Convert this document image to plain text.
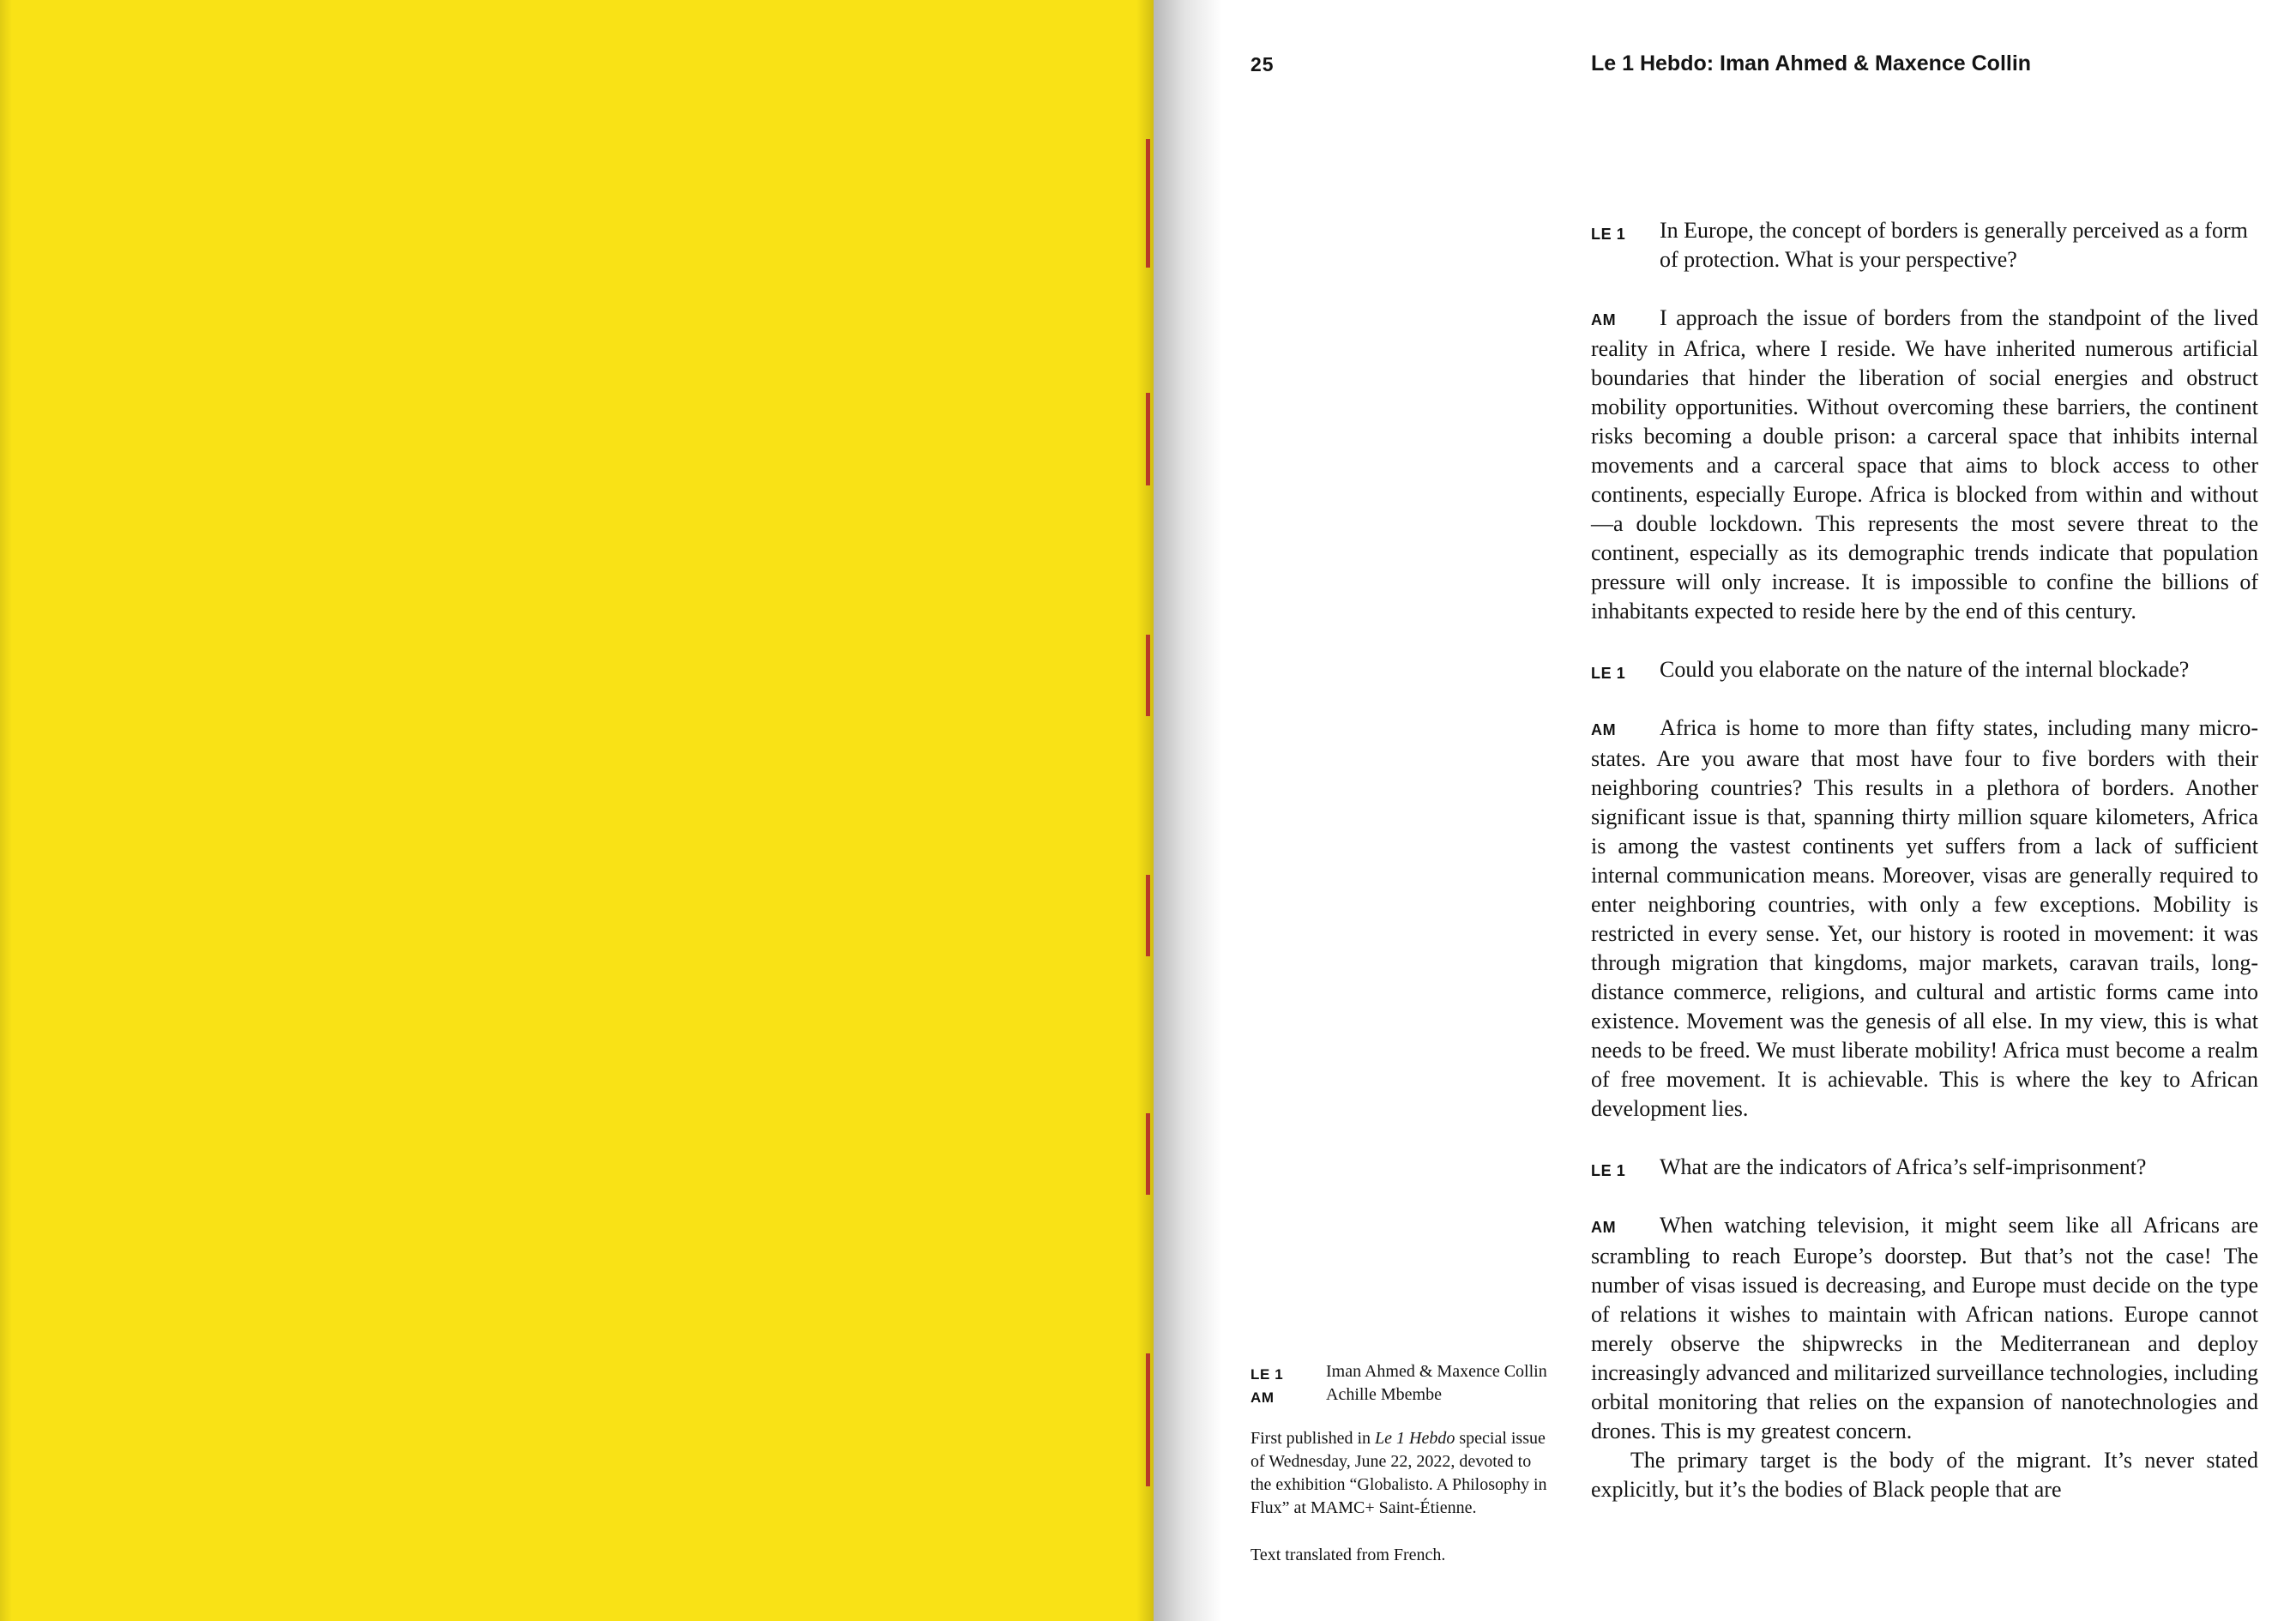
25	Le 1 Hebdo: Iman Ahmed & Maxence Collin
LE 1 In Europe, the concept of borders is generally perceived as a form of protection. What is your perspective?

AM I approach the issue of borders from the standpoint of the lived reality in Africa, where I reside. We have inherited numerous artificial boundaries that hinder the liberation of social energies and obstruct mobility opportunities. Without overcoming these barriers, the continent risks becoming a double prison: a carceral space that inhibits internal movements and a carceral space that aims to block access to other continents, especially Europe. Africa is blocked from within and without—a double lockdown. This represents the most severe threat to the continent, especially as its demographic trends indicate that population pressure will only increase. It is impossible to confine the billions of inhabitants expected to reside here by the end of this century.

LE 1 Could you elaborate on the nature of the internal blockade?

AM Africa is home to more than fifty states, including many micro-states. Are you aware that most have four to five borders with their neighboring countries? This results in a plethora of borders. Another significant issue is that, spanning thirty million square kilometers, Africa is among the vastest continents yet suffers from a lack of sufficient internal communication means. Moreover, visas are generally required to enter neighboring countries, with only a few exceptions. Mobility is restricted in every sense. Yet, our history is rooted in movement: it was through migration that kingdoms, major markets, caravan trails, long-distance commerce, religions, and cultural and artistic forms came into existence. Movement was the genesis of all else. In my view, this is what needs to be freed. We must liberate mobility! Africa must become a realm of free movement. It is achievable. This is where the key to African development lies.

LE 1 What are the indicators of Africa’s self-imprisonment?

AM When watching television, it might seem like all Africans are scrambling to reach Europe’s doorstep. But that’s not the case! The number of visas issued is decreasing, and Europe must decide on the type of relations it wishes to maintain with African nations. Europe cannot merely observe the shipwrecks in the Mediterranean and deploy increasingly advanced and militarized surveillance technologies, including orbital monitoring that relies on the expansion of nanotechnologies and drones. This is my greatest concern.

The primary target is the body of the migrant. It’s never stated explicitly, but it’s the bodies of Black people that are

LE 1 Iman Ahmed & Maxence Collin
AM	Achille Mbembe

First published in Le 1 Hebdo special issue of Wednesday, June 22, 2022, devoted to the exhibition “Globalisto. A Philosophy in Flux” at MAMC+ Saint-Étienne.

Text translated from French.
